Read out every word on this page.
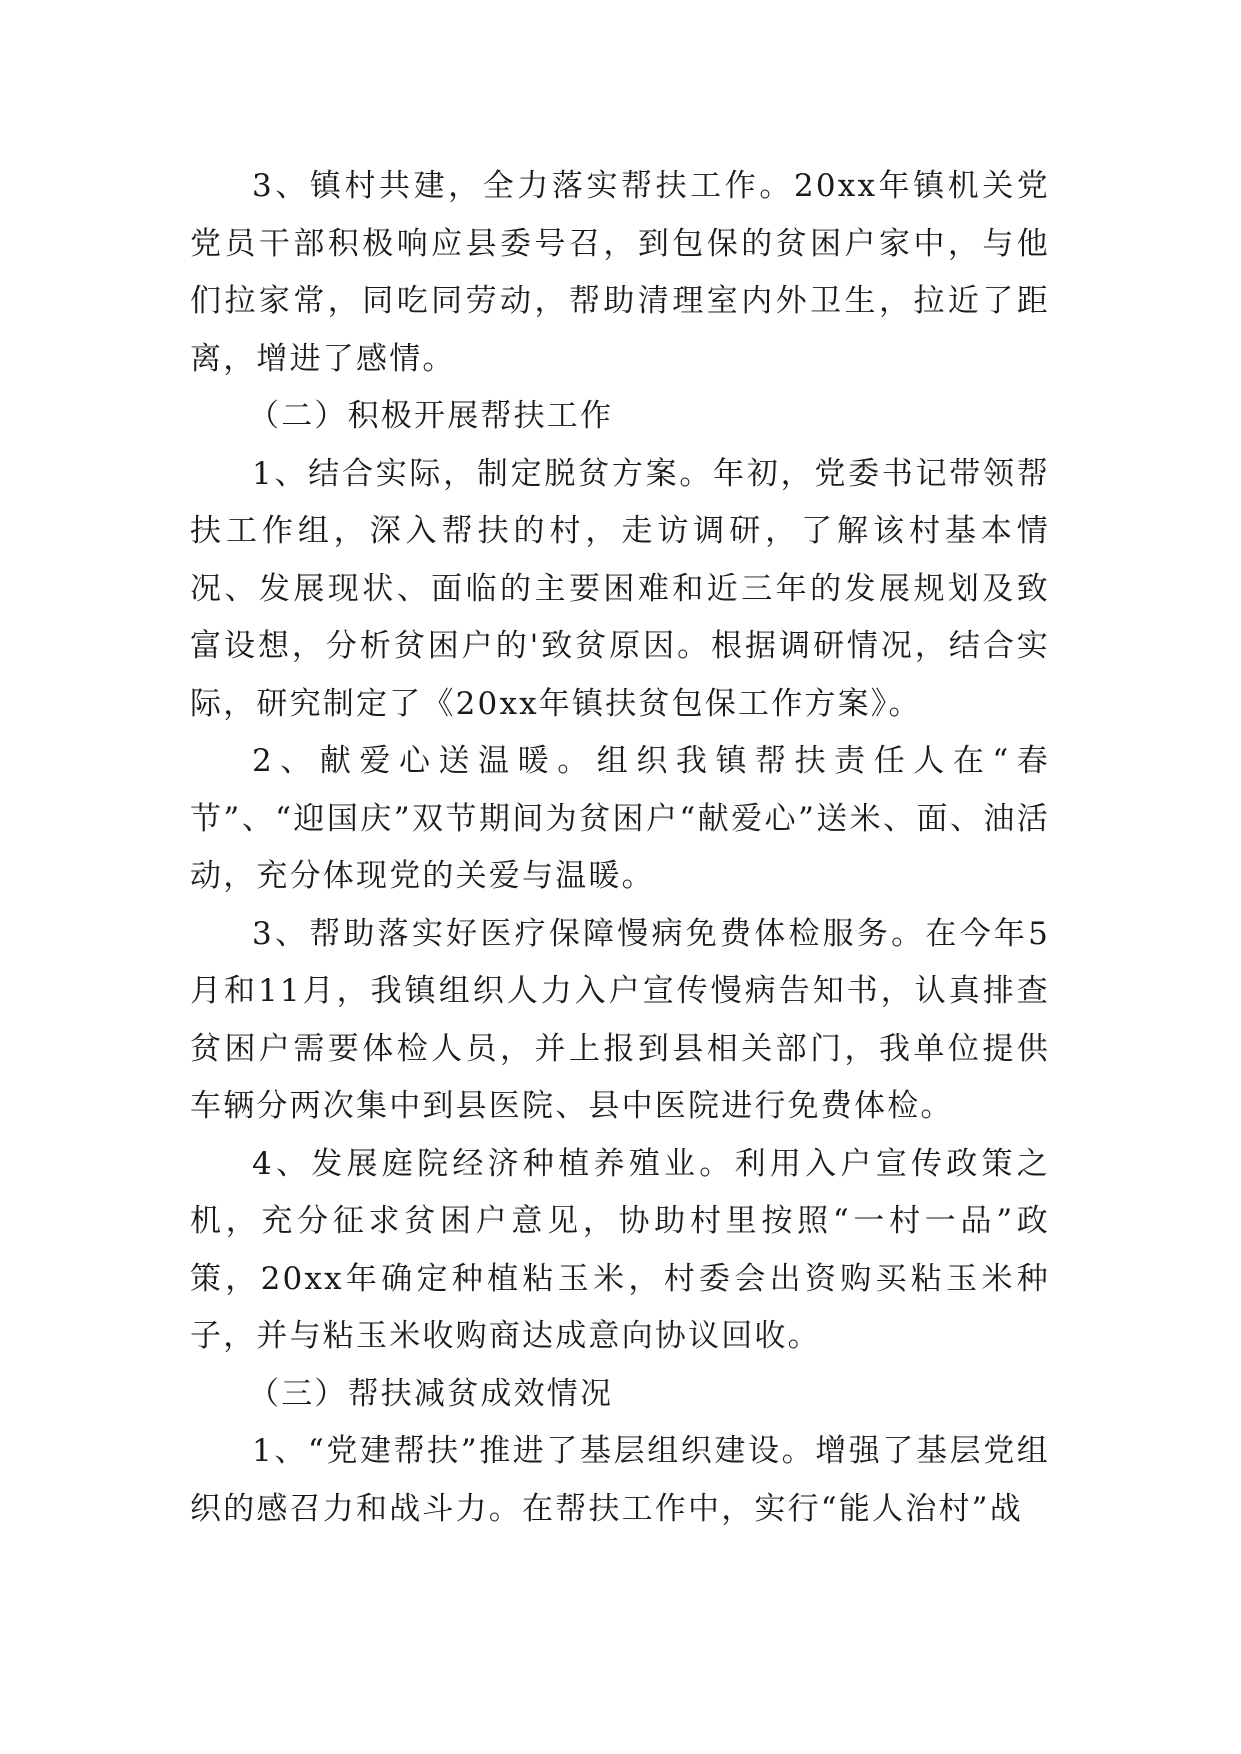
3、镇村共建，全力落实帮扶工作。20xx年镇机关党党员干部积极响应县委号召，到包保的贫困户家中，与他们拉家常，同吃同劳动，帮助清理室内外卫生，拉近了距离，增进了感情。

（二）积极开展帮扶工作

1、结合实际，制定脱贫方案。年初，党委书记带领帮扶工作组，深入帮扶的村，走访调研，了解该村基本情况、发展现状、面临的主要困难和近三年的发展规划及致富设想，分析贫困户的'致贫原因。根据调研情况，结合实际，研究制定了《20xx年镇扶贫包保工作方案》。

2、献爱心送温暖。组织我镇帮扶责任人在“春节”、“迎国庆”双节期间为贫困户“献爱心”送米、面、油活动，充分体现党的关爱与温暖。

3、帮助落实好医疗保障慢病免费体检服务。在今年5月和11月，我镇组织人力入户宣传慢病告知书，认真排查贫困户需要体检人员，并上报到县相关部门，我单位提供车辆分两次集中到县医院、县中医院进行免费体检。

4、发展庭院经济种植养殖业。利用入户宣传政策之机，充分征求贫困户意见，协助村里按照“一村一品”政策，20xx年确定种植粘玉米，村委会出资购买粘玉米种子，并与粘玉米收购商达成意向协议回收。

（三）帮扶减贫成效情况

1、“党建帮扶”推进了基层组织建设。增强了基层党组织的感召力和战斗力。在帮扶工作中，实行“能人治村”战
